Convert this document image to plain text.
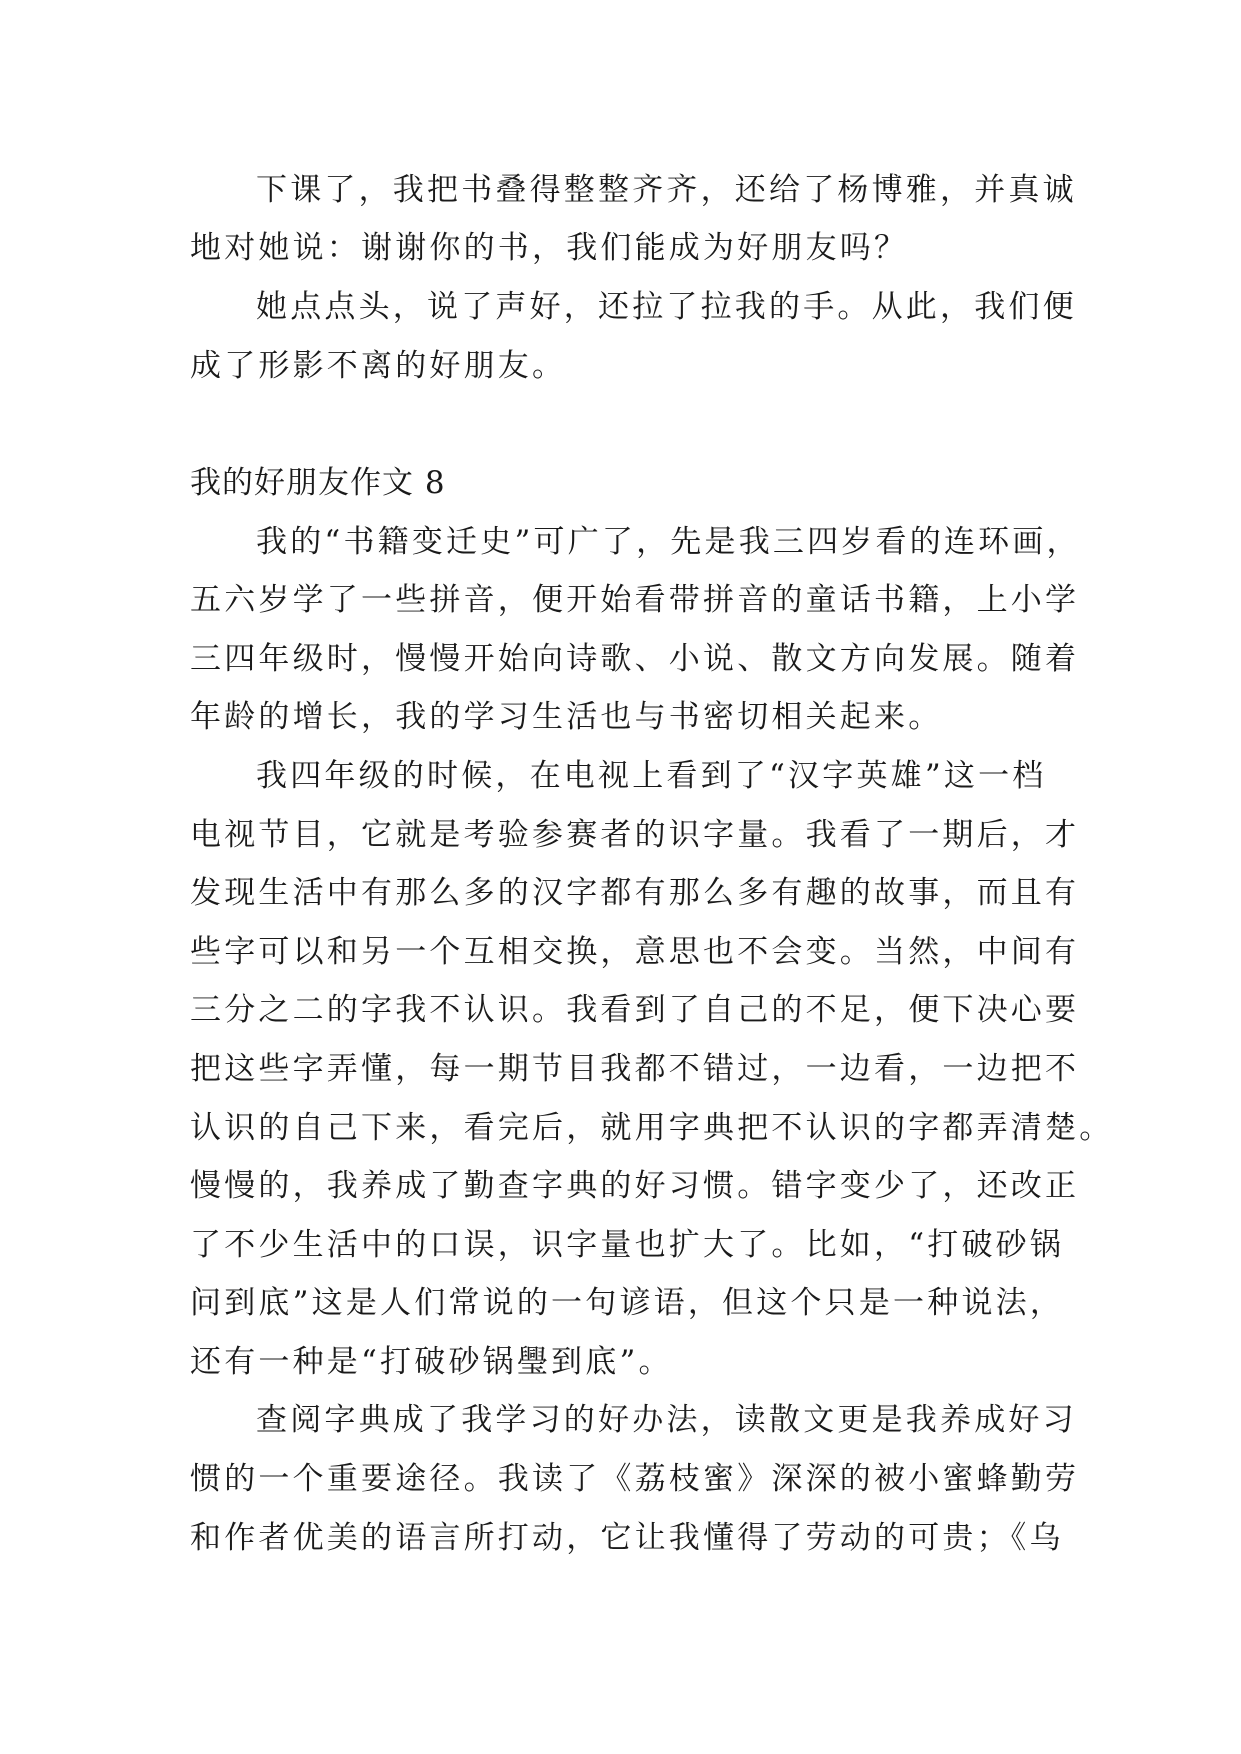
下课了，我把书叠得整整齐齐，还给了杨博雅，并真诚
地对她说：谢谢你的书，我们能成为好朋友吗？
她点点头，说了声好，还拉了拉我的手。从此，我们便
成了形影不离的好朋友。
我的好朋友作文 8
我的“书籍变迁史”可广了，先是我三四岁看的连环画，
五六岁学了一些拼音，便开始看带拼音的童话书籍，上小学
三四年级时，慢慢开始向诗歌、小说、散文方向发展。随着
年龄的增长，我的学习生活也与书密切相关起来。
我四年级的时候，在电视上看到了“汉字英雄”这一档
电视节目，它就是考验参赛者的识字量。我看了一期后，才
发现生活中有那么多的汉字都有那么多有趣的故事，而且有
些字可以和另一个互相交换，意思也不会变。当然，中间有
三分之二的字我不认识。我看到了自己的不足，便下决心要
把这些字弄懂，每一期节目我都不错过，一边看，一边把不
认识的自己下来，看完后，就用字典把不认识的字都弄清楚。
慢慢的，我养成了勤查字典的好习惯。错字变少了，还改正
了不少生活中的口误，识字量也扩大了。比如，“打破砂锅
问到底”这是人们常说的一句谚语，但这个只是一种说法，
还有一种是“打破砂锅璺到底”。
查阅字典成了我学习的好办法，读散文更是我养成好习
惯的一个重要途径。我读了《荔枝蜜》深深的被小蜜蜂勤劳
和作者优美的语言所打动，它让我懂得了劳动的可贵；《乌
